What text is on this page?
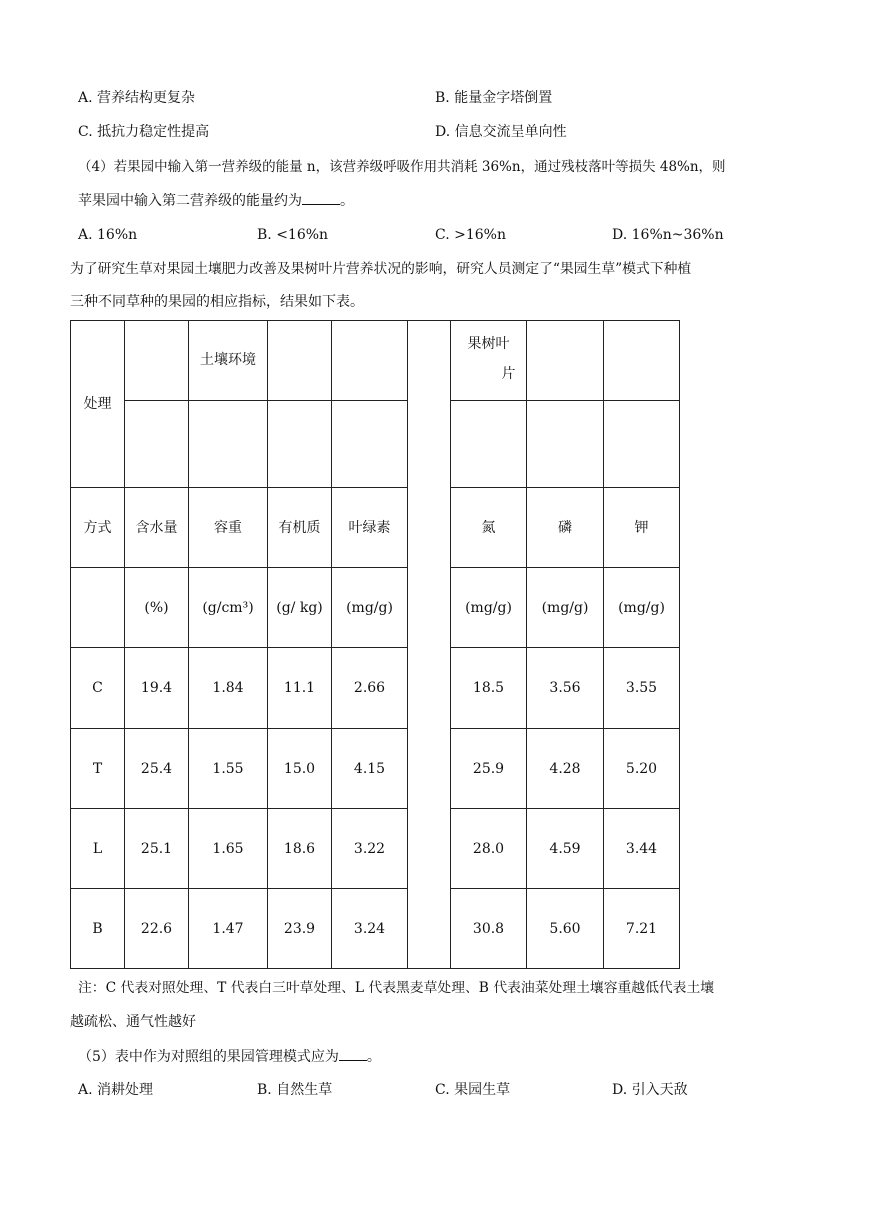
A. 营养结构更复杂	B. 能量金字塔倒置
C. 抵抗力稳定性提高	D. 信息交流呈单向性
（4）若果园中输入第一营养级的能量 n，该营养级呼吸作用共消耗 36%n，通过残枝落叶等损失 48%n，则
苹果园中输入第二营养级的能量约为	。
A. 16%n	B. <16%n	C. >16%n	D. 16%n~36%n
为了研究生草对果园土壤肥力改善及果树叶片营养状况的影响，研究人员测定了“果园生草”模式下种植
三种不同草种的果园的相应指标，结果如下表。
处理		土壤环境				果树叶
片		

方式	含水量	容重	有机质	叶绿素		氮	磷	钾
	(%)	(g/cm³)	(g/ kg)	(mg/g)		(mg/g)	(mg/g)	(mg/g)
C	19.4	1.84	11.1	2.66		18.5	3.56	3.55
T	25.4	1.55	15.0	4.15		25.9	4.28	5.20
L	25.1	1.65	18.6	3.22		28.0	4.59	3.44
B	22.6	1.47	23.9	3.24		30.8	5.60	7.21
注：C 代表对照处理、T 代表白三叶草处理、L 代表黑麦草处理、B 代表油菜处理土壤容重越低代表土壤
越疏松、通气性越好
（5）表中作为对照组的果园管理模式应为 。
A. 消耕处理	B. 自然生草	C. 果园生草	D. 引入天敌
